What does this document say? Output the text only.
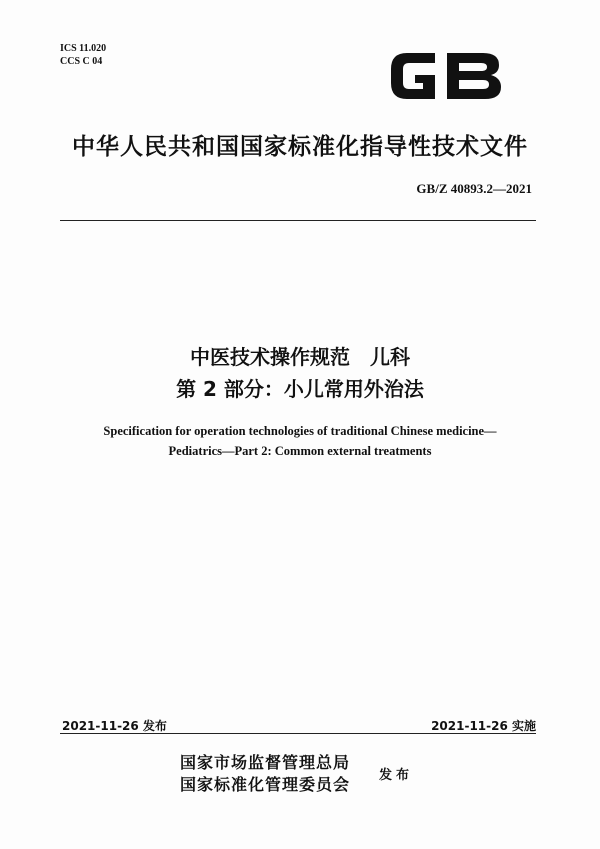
ICS 11.020
CCS C 04
中华人民共和国国家标准化指导性技术文件
GB/Z 40893.2—2021
中医技术操作规范　儿科
第 2 部分：小儿常用外治法
Specification for operation technologies of traditional Chinese medicine—
Pediatrics—Part 2: Common external treatments
2021-11-26 发布	2021-11-26 实施
国家市场监督管理总局
国家标准化管理委员会 发布
